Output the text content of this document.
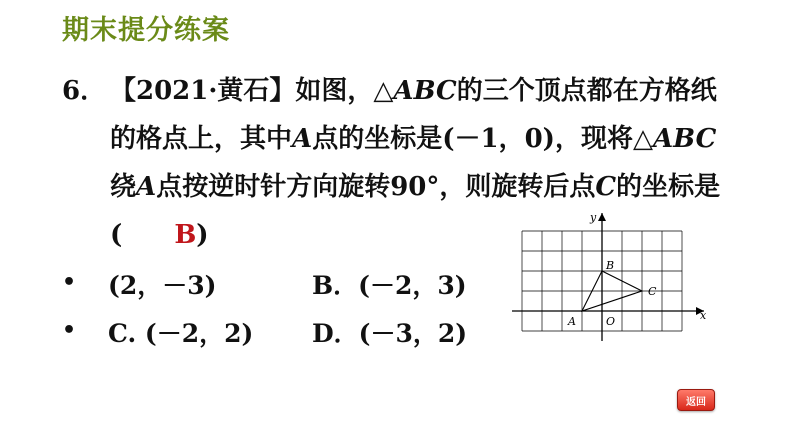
期末提分练案
6． 【2021·黄石】如图，△ABC的三个顶点都在方格纸
的格点上，其中A点的坐标是(－1，0)，现将△ABC
绕A点按逆时针方向旋转90°，则旋转后点C的坐标是
(　　B)
• (2，－3)	B．(－2，3)
• C. (－2，2) D．(－3，2)
y
x
A
B
C
O
返回
